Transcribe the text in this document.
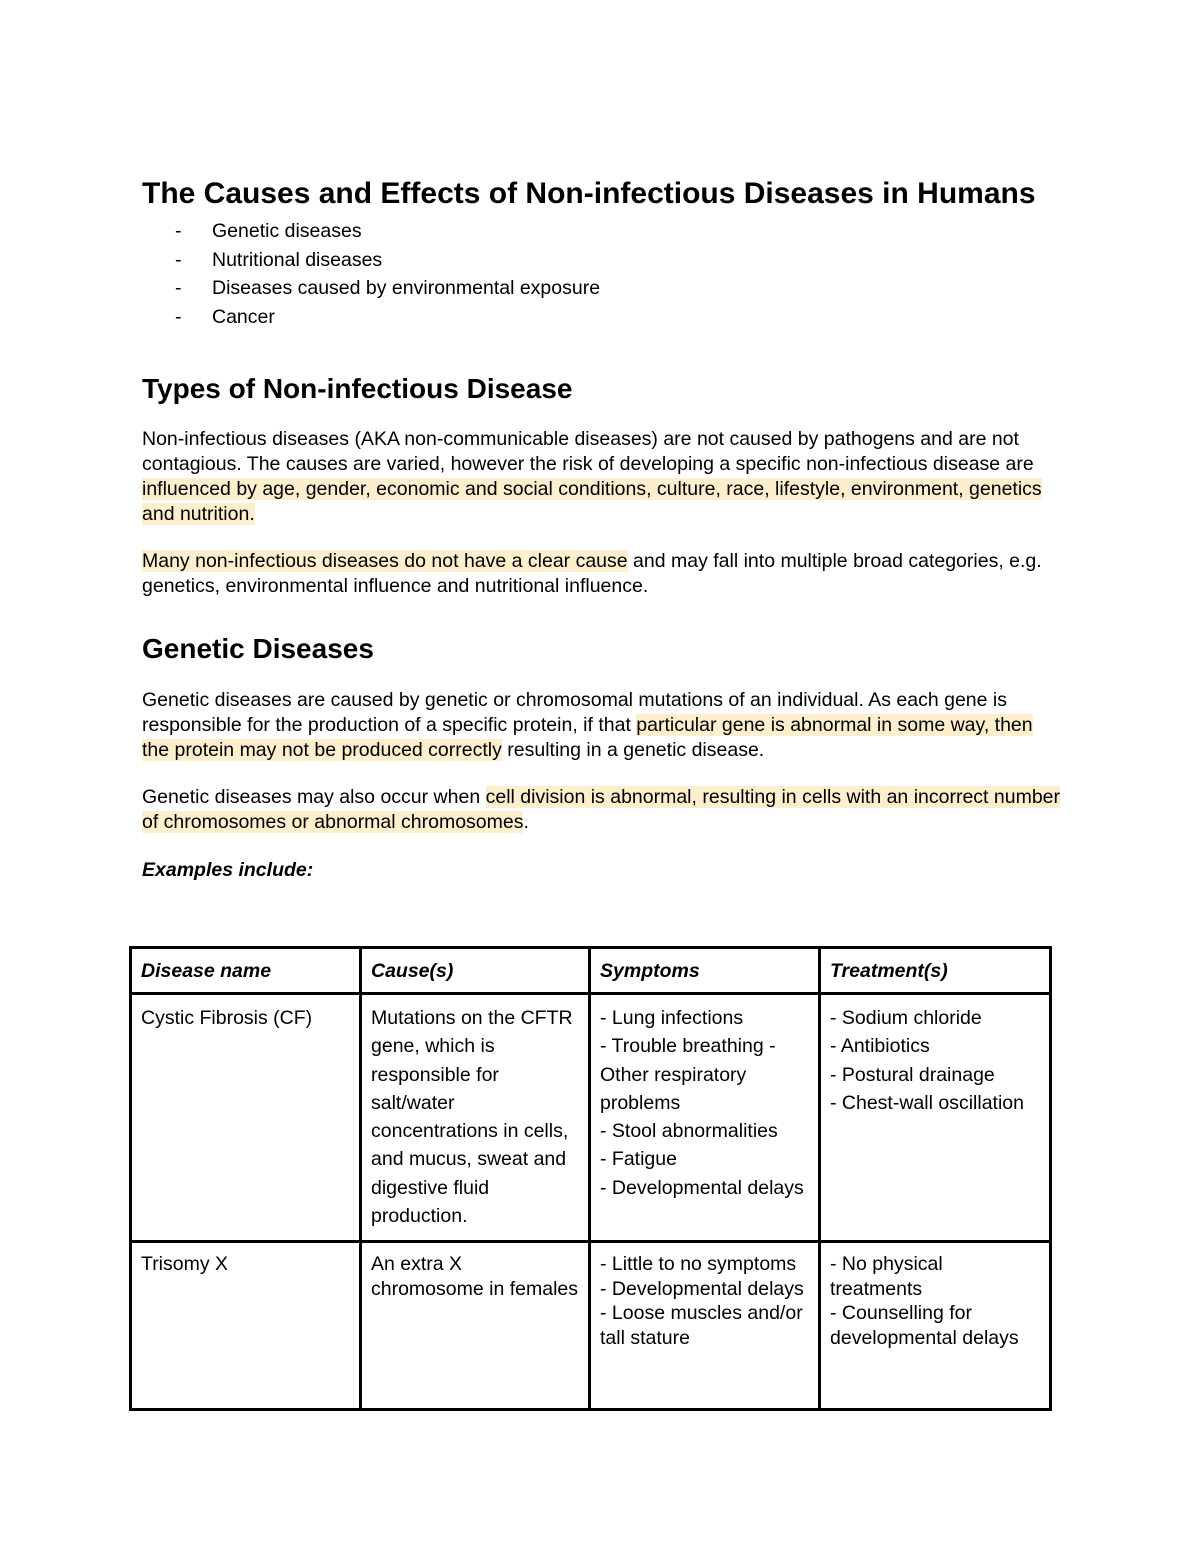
The Causes and Effects of Non-infectious Diseases in Humans
- Genetic diseases
- Nutritional diseases
- Diseases caused by environmental exposure
- Cancer
Types of Non-infectious Disease

Non-infectious diseases (AKA non-communicable diseases) are not caused by pathogens and are not contagious. The causes are varied, however the risk of developing a specific non-infectious disease are influenced by age, gender, economic and social conditions, culture, race, lifestyle, environment, genetics and nutrition.

Many non-infectious diseases do not have a clear cause and may fall into multiple broad categories, e.g. genetics, environmental influence and nutritional influence.

Genetic Diseases

Genetic diseases are caused by genetic or chromosomal mutations of an individual. As each gene is responsible for the production of a specific protein, if that particular gene is abnormal in some way, then the protein may not be produced correctly resulting in a genetic disease.

Genetic diseases may also occur when cell division is abnormal, resulting in cells with an incorrect number of chromosomes or abnormal chromosomes.

Examples include:

Disease name	Cause(s)	Symptoms	Treatment(s)
Cystic Fibrosis (CF)	Mutations on the CFTR gene, which is responsible for salt/water concentrations in cells, and mucus, sweat and digestive fluid production.	- Lung infections
- Trouble breathing - Other respiratory problems
- Stool abnormalities
- Fatigue
- Developmental delays	- Sodium chloride
- Antibiotics
- Postural drainage
- Chest-wall oscillation

Trisomy X	An extra X chromosome in females	- Little to no symptoms
- Developmental delays
- Loose muscles and/or tall stature	- No physical treatments
- Counselling for developmental delays
